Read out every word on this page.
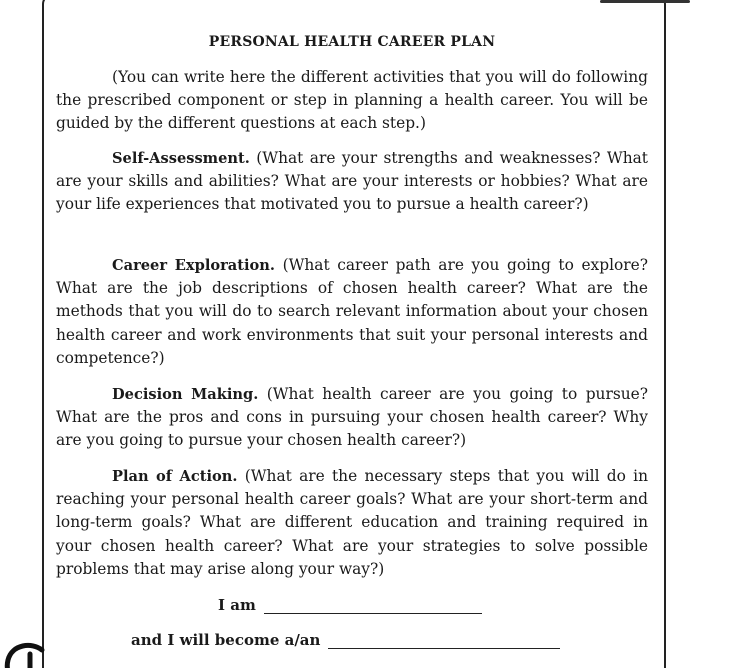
PERSONAL HEALTH CAREER PLAN

(You can write here the different activities that you will do following the prescribed component or step in planning a health career. You will be guided by the different questions at each step.)

Self-Assessment. (What are your strengths and weaknesses? What are your skills and abilities? What are your interests or hobbies? What are your life experiences that motivated you to pursue a health career?)

Career Exploration. (What career path are you going to explore? What are the job descriptions of chosen health career? What are the methods that you will do to search relevant information about your chosen health career and work environments that suit your personal interests and competence?)

Decision Making. (What health career are you going to pursue? What are the pros and cons in pursuing your chosen health career? Why are you going to pursue your chosen health career?)

Plan of Action. (What are the necessary steps that you will do in reaching your personal health career goals? What are your short-term and long-term goals? What are different education and training required in your chosen health career? What are your strategies to solve possible problems that may arise along your way?)

I am
and I will become a/an
